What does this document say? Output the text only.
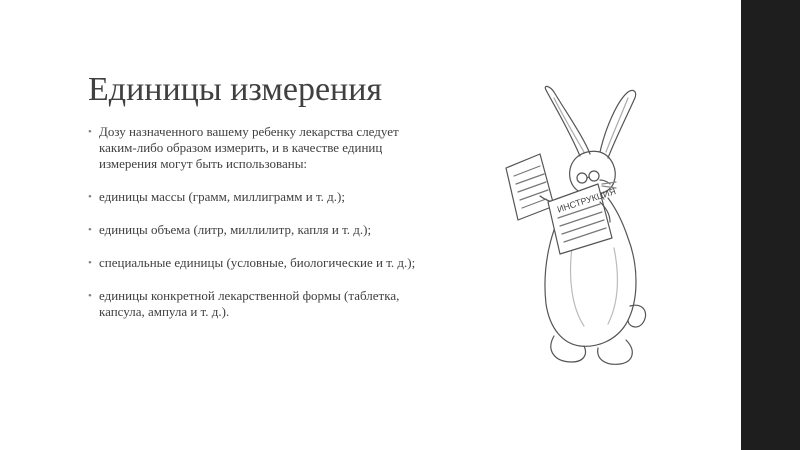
Единицы измерения
• Дозу назначенного вашему ребенку лекарства следует каким-либо образом измерить, и в качестве единиц измерения могут быть использованы:
• единицы массы (грамм, миллиграмм и т. д.);
• единицы объема (литр, миллилитр, капля и т. д.);
• специальные единицы (условные, биологические и т. д.);
• единицы конкретной лекарственной формы (таблетка, капсула, ампула и т. д.).
ИНСТРУКЦИЯ
